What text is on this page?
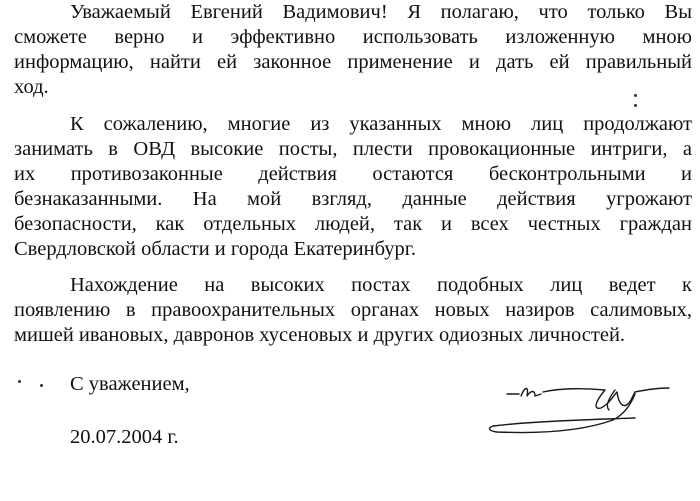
Уважаемый Евгений Вадимович! Я полагаю, что только Вы
сможете верно и эффективно использовать изложенную мною
информацию, найти ей законное применение и дать ей правильный
ход.
К сожалению, многие из указанных мною лиц продолжают
занимать в ОВД высокие посты, плести провокационные интриги, а
их противозаконные действия остаются бесконтрольными и
безнаказанными. На мой взгляд, данные действия угрожают
безопасности, как отдельных людей, так и всех честных граждан
Свердловской области и города Екатеринбург.
Нахождение на высоких постах подобных лиц ведет к
появлению в правоохранительных органах новых назиров салимовых,
мишей ивановых, давронов хусеновых и других одиозных личностей.

С уважением,

20.07.2004 г.
